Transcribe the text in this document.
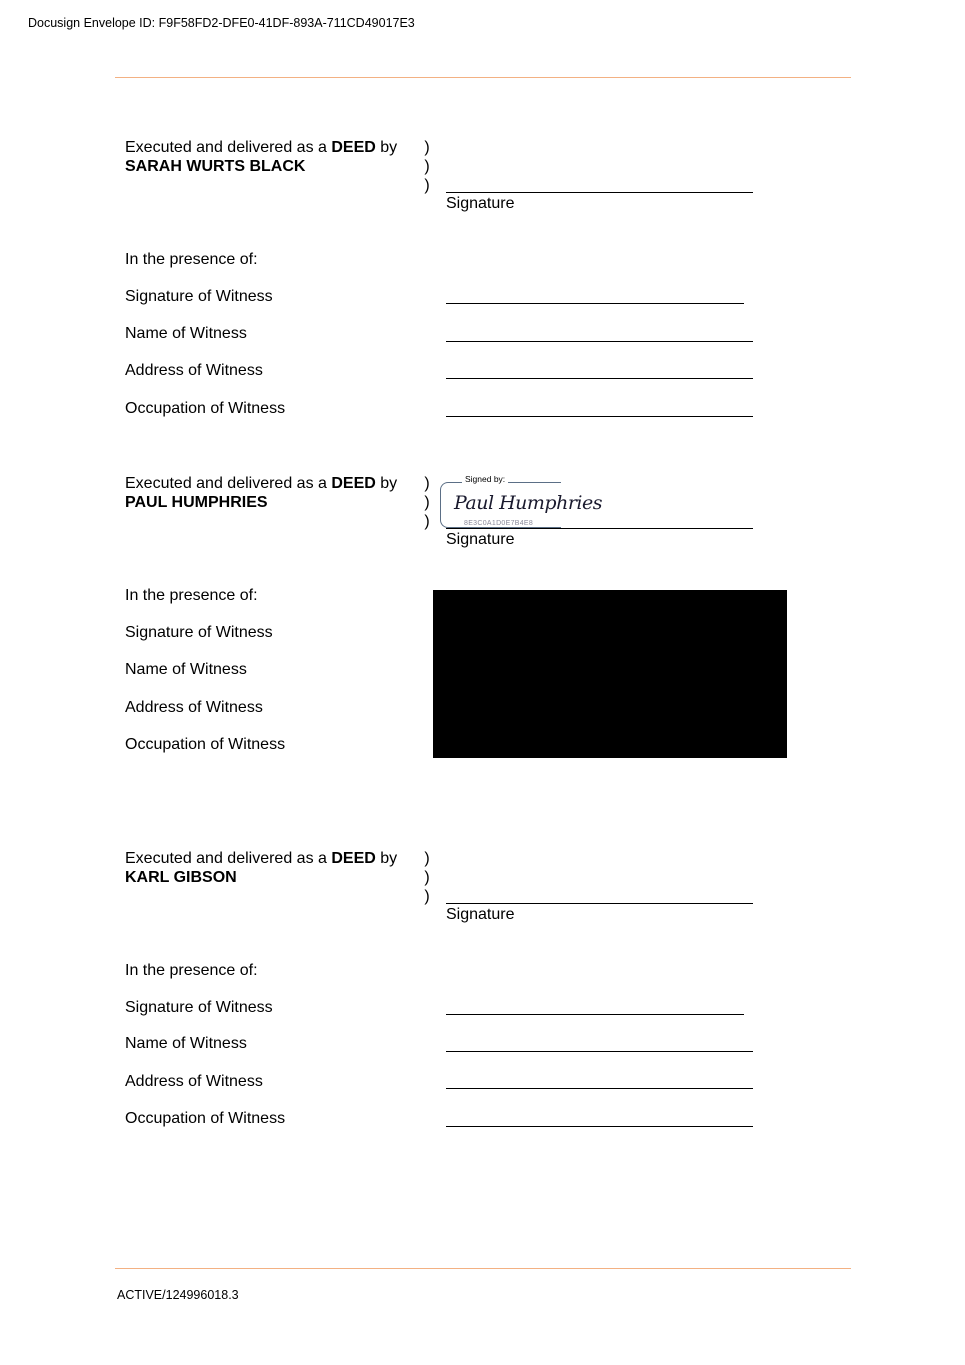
Docusign Envelope ID: F9F58FD2-DFE0-41DF-893A-711CD49017E3
Executed and delivered as a DEED by
SARAH WURTS BLACK
)
)
)
Signature
In the presence of:
Signature of Witness
Name of Witness
Address of Witness
Occupation of Witness
Executed and delivered as a DEED by
PAUL HUMPHRIES
)
)
)
Signed by:
Paul Humphries
8E3C0A1D0E7B4E8
Signature
In the presence of:
Signature of Witness
Name of Witness
Address of Witness
Occupation of Witness
Executed and delivered as a DEED by
KARL GIBSON
)
)
)
Signature
In the presence of:
Signature of Witness
Name of Witness
Address of Witness
Occupation of Witness
ACTIVE/124996018.3
